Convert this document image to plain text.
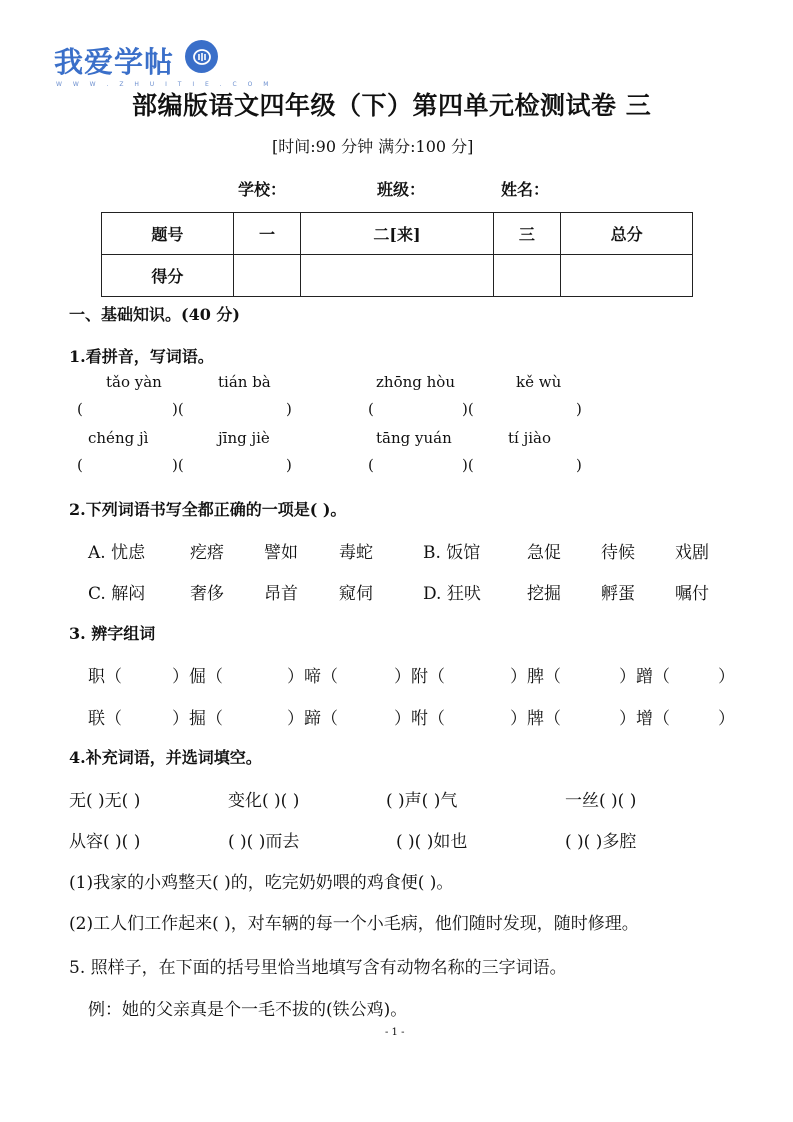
我爱学帖
W W W . Z H U I T I E . C O M
部编版语文四年级（下）第四单元检测试卷 三
[时间:90 分钟 满分:100 分]
学校：	班级：	姓名：
题号	一	二[来]	三	总分
得分				
一、基础知识。(40 分)
1.看拼音，写词语。
tǎo yàn	tián bà	zhōng hòu	kě wù
(	)(	)	(	)(	)
chéng jì	jīng jiè	tāng yuán	tí jiào
(	)(	)	(	)(	)
2.下列词语书写全都正确的一项是( )。
A. 忧虑	疙瘩 譬如 毒蛇	B. 饭馆	急促 待候 戏剧
C. 解闷	奢侈 昂首 窥伺	D. 狂吠	挖掘 孵蛋 嘱付
3. 辨字组词
职（	）倔（	）啼（	）附（	）脾（	）蹭（	）
联（	）掘（	）蹄（	）咐（	）牌（	）增（	）
4.补充词语，并选词填空。
无( )无( )	变化( )( )	( )声( )气	一丝( )( )
从容( )( )	( )( )而去	( )( )如也	( )( )多腔
(1)我家的小鸡整天( )的，吃完奶奶喂的鸡食便( )。
(2)工人们工作起来( )，对车辆的每一个小毛病，他们随时发现，随时修理。
5. 照样子，在下面的括号里恰当地填写含有动物名称的三字词语。
例：她的父亲真是个一毛不拔的(铁公鸡)。
- 1 -
